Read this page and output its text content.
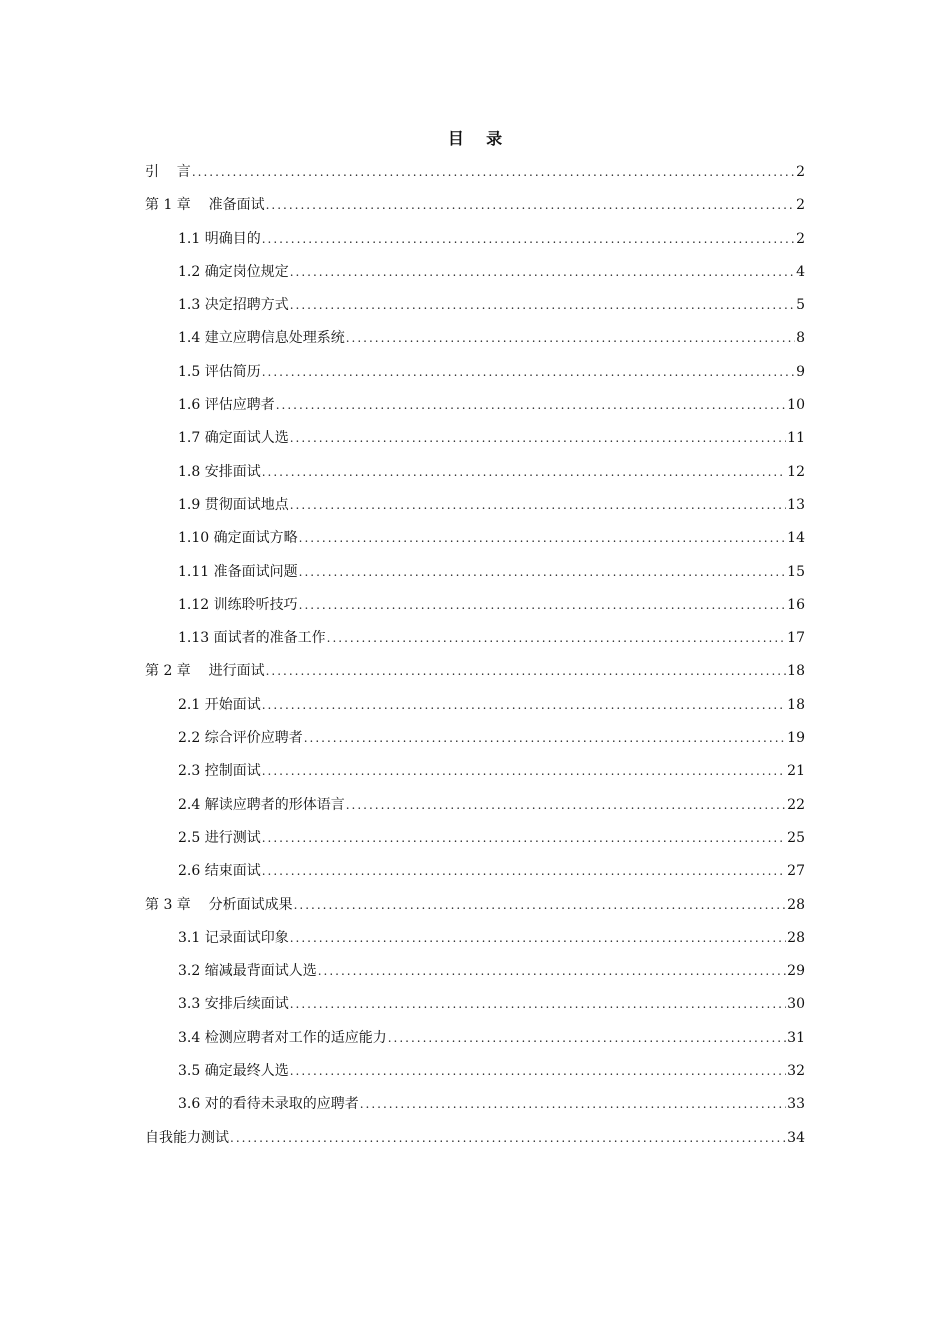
目    录
引    言 .....	2
第 1 章    准备面试 .....	2
1.1 明确目的 .....	2
1.2 确定岗位规定 .....	4
1.3 决定招聘方式 .....	5
1.4 建立应聘信息处理系统 .....	8
1.5 评估简历 .....	9
1.6 评估应聘者 .....	10
1.7 确定面试人选 .....	11
1.8 安排面试 .....	12
1.9 贯彻面试地点 .....	13
1.10 确定面试方略 .....	14
1.11 准备面试问题 .....	15
1.12 训练聆听技巧 .....	16
1.13 面试者的准备工作 .....	17
第 2 章    进行面试 .....	18
2.1 开始面试 .....	18
2.2 综合评价应聘者 .....	19
2.3 控制面试 .....	21
2.4 解读应聘者的形体语言 .....	22
2.5 进行测试 .....	25
2.6 结束面试 .....	27
第 3 章    分析面试成果 .....	28
3.1 记录面试印象 .....	28
3.2 缩减最背面试人选 .....	29
3.3 安排后续面试 .....	30
3.4 检测应聘者对工作的适应能力 .....	31
3.5 确定最终人选 .....	32
3.6 对的看待未录取的应聘者 .....	33
自我能力测试 .....	34
